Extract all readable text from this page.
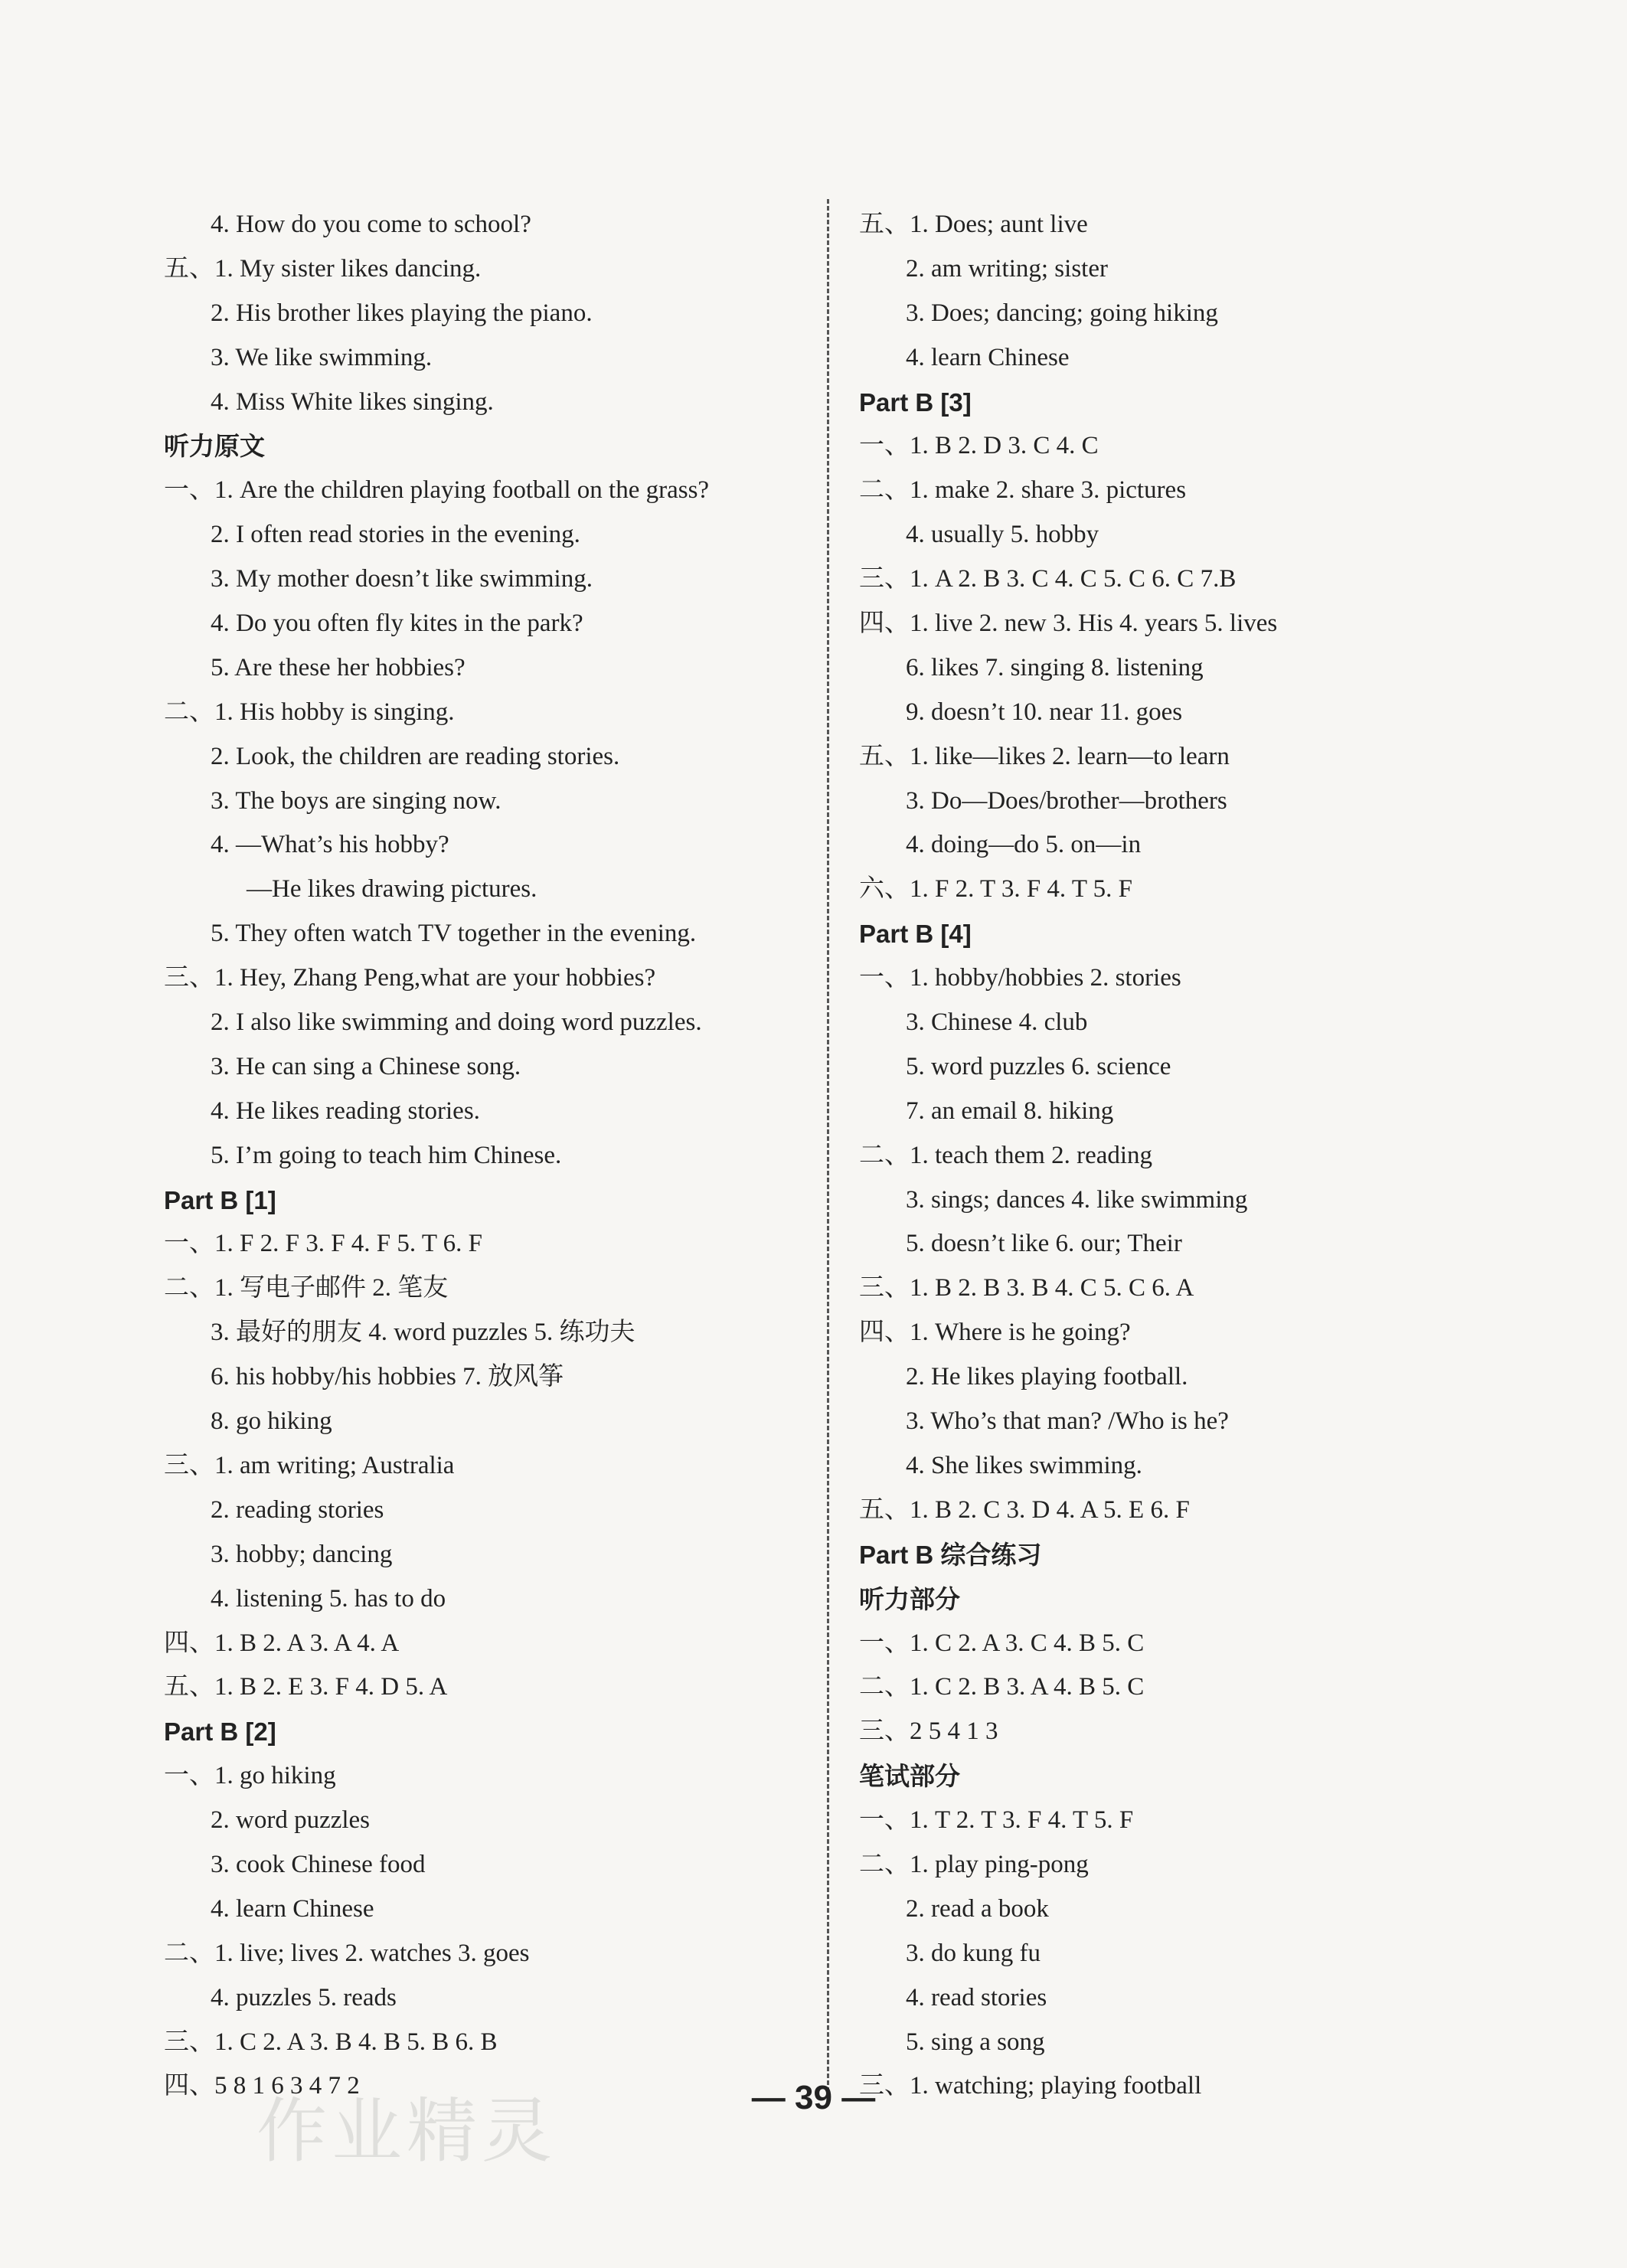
4. How do you come to school?
五、1. My sister likes dancing.
2. His brother likes playing the piano.
3. We like swimming.
4. Miss White likes singing.
听力原文
一、1. Are the children playing football on the grass?
2. I often read stories in the evening.
3. My mother doesn’t like swimming.
4. Do you often fly kites in the park?
5. Are these her hobbies?
二、1. His hobby is singing.
2. Look, the children are reading stories.
3. The boys are singing now.
4. —What’s his hobby?
—He likes drawing pictures.
5. They often watch TV together in the evening.
三、1. Hey, Zhang Peng,what are your hobbies?
2. I also like swimming and doing word puzzles.
3. He can sing a Chinese song.
4. He likes reading stories.
5. I’m going to teach him Chinese.
Part B [1]
一、1. F 2. F 3. F 4. F 5. T 6. F
二、1. 写电子邮件 2. 笔友
3. 最好的朋友 4. word puzzles 5. 练功夫
6. his hobby/his hobbies 7. 放风筝
8. go hiking
三、1. am writing; Australia
2. reading stories
3. hobby; dancing
4. listening 5. has to do
四、1. B 2. A 3. A 4. A
五、1. B 2. E 3. F 4. D 5. A
Part B [2]
一、1. go hiking
2. word puzzles
3. cook Chinese food
4. learn Chinese
二、1. live; lives 2. watches 3. goes
4. puzzles 5. reads
三、1. C 2. A 3. B 4. B 5. B 6. B
四、5 8 1 6 3 4 7 2
五、1. Does; aunt live
2. am writing; sister
3. Does; dancing; going hiking
4. learn Chinese
Part B [3]
一、1. B 2. D 3. C 4. C
二、1. make 2. share 3. pictures
4. usually 5. hobby
三、1. A 2. B 3. C 4. C 5. C 6. C 7.B
四、1. live 2. new 3. His 4. years 5. lives
6. likes 7. singing 8. listening
9. doesn’t 10. near 11. goes
五、1. like—likes 2. learn—to learn
3. Do—Does/brother—brothers
4. doing—do 5. on—in
六、1. F 2. T 3. F 4. T 5. F
Part B [4]
一、1. hobby/hobbies 2. stories
3. Chinese 4. club
5. word puzzles 6. science
7. an email 8. hiking
二、1. teach them 2. reading
3. sings; dances 4. like swimming
5. doesn’t like 6. our; Their
三、1. B 2. B 3. B 4. C 5. C 6. A
四、1. Where is he going?
2. He likes playing football.
3. Who’s that man? /Who is he?
4. She likes swimming.
五、1. B 2. C 3. D 4. A 5. E 6. F
Part B 综合练习
听力部分
一、1. C 2. A 3. C 4. B 5. C
二、1. C 2. B 3. A 4. B 5. C
三、2 5 4 1 3
笔试部分
一、1. T 2. T 3. F 4. T 5. F
二、1. play ping-pong
2. read a book
3. do kung fu
4. read stories
5. sing a song
三、1. watching; playing football
作业精灵	— 39 —
